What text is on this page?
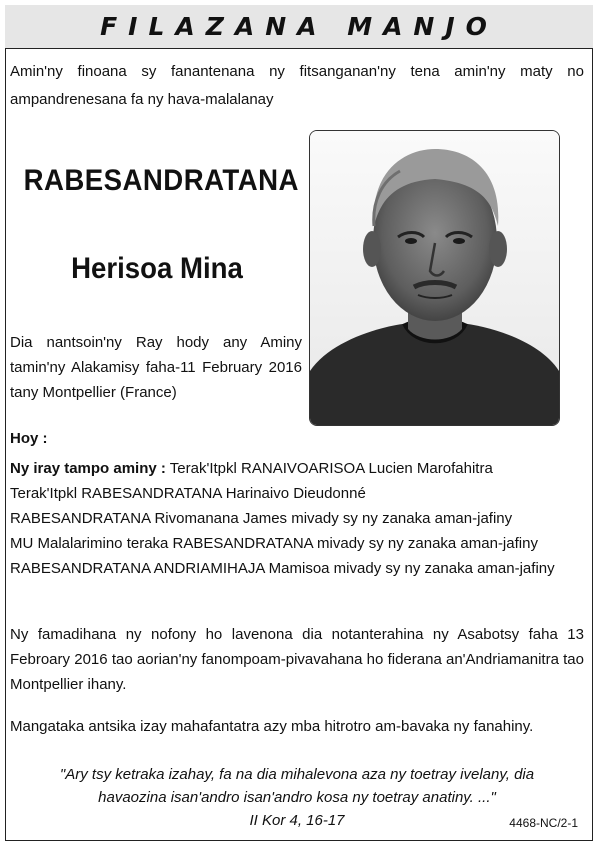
FILAZANA MANJO
Amin'ny finoana sy fanantenana ny fitsanganan'ny tena amin'ny maty no ampandrenesana fa ny hava-malalanay
RABESANDRATANA
Herisoa Mina
Dia nantsoin'ny Ray hody any Aminy tamin'ny Alakamisy faha-11 February 2016 tany Montpellier (France)
Hoy :

Ny iray tampo aminy : Terak'Itpkl RANAIVOARISOA Lucien Marofahitra

Terak'Itpkl RABESANDRATANA Harinaivo Dieudonné

RABESANDRATANA Rivomanana James mivady sy ny zanaka aman-jafiny

MU Malalarimino teraka RABESANDRATANA mivady sy ny zanaka aman-jafiny

RABESANDRATANA ANDRIAMIHAJA Mamisoa mivady sy ny zanaka aman-jafiny

Ny famadihana ny nofony ho lavenona dia notanterahina ny Asabotsy faha 13 Febroary 2016 tao aorian'ny fanompoam-pivavahana ho fiderana an'Andriamanitra tao Montpellier ihany.
Mangataka antsika izay mahafantatra azy mba hitrotro am-bavaka ny fanahiny.
"Ary tsy ketraka izahay, fa na dia mihalevona aza ny toetray ivelany, dia
havaozina isan'andro isan'andro kosa ny toetray anatiny. ..."
II Kor 4, 16-17	4468-NC/2-1
